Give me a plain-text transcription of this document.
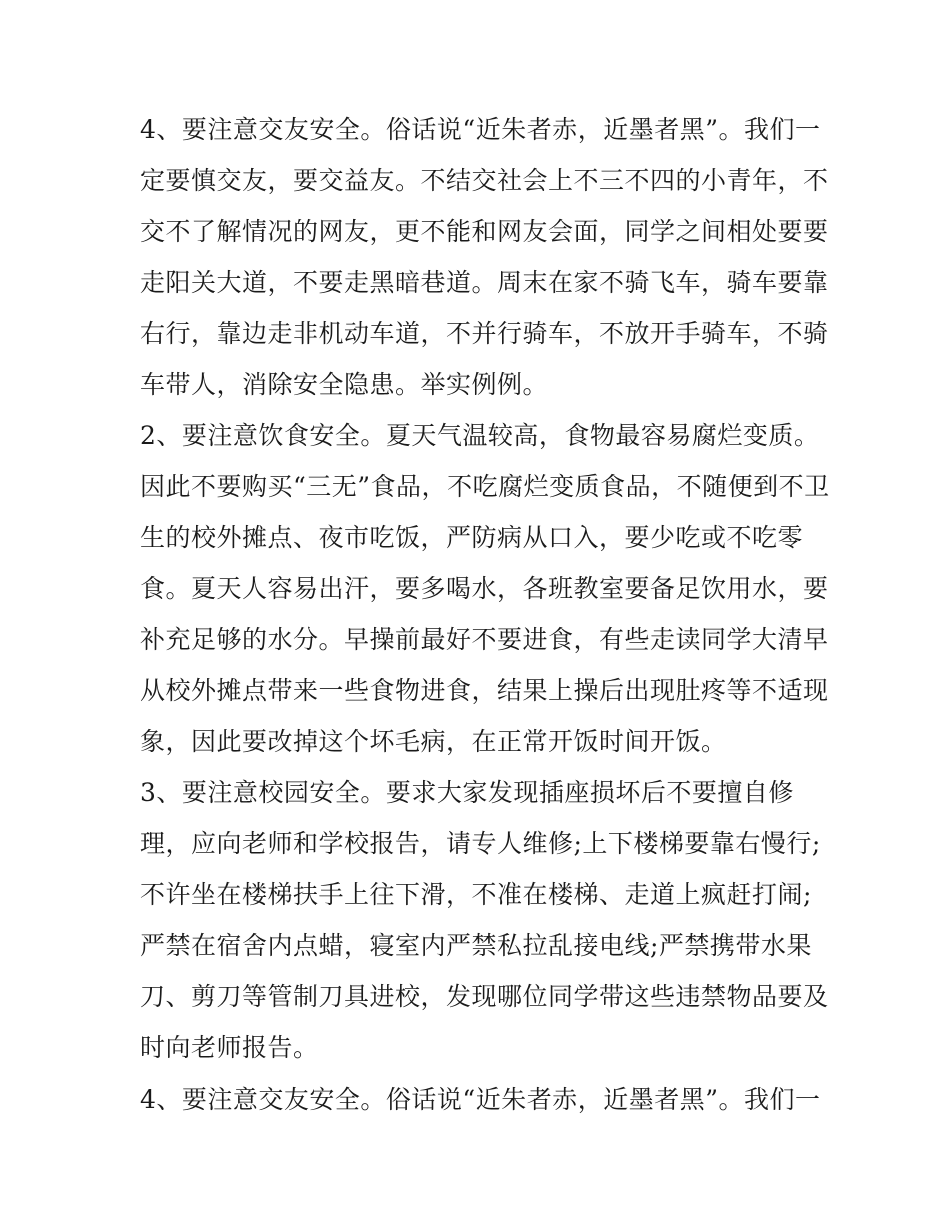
4、要注意交友安全。俗话说“近朱者赤，近墨者黑”。我们一
定要慎交友，要交益友。不结交社会上不三不四的小青年，不
交不了解情况的网友，更不能和网友会面，同学之间相处要要
走阳关大道，不要走黑暗巷道。周末在家不骑飞车，骑车要靠
右行，靠边走非机动车道，不并行骑车，不放开手骑车，不骑
车带人，消除安全隐患。举实例例。
2、要注意饮食安全。夏天气温较高，食物最容易腐烂变质。
因此不要购买“三无”食品，不吃腐烂变质食品，不随便到不卫
生的校外摊点、夜市吃饭，严防病从口入，要少吃或不吃零
食。夏天人容易出汗，要多喝水，各班教室要备足饮用水，要
补充足够的水分。早操前最好不要进食，有些走读同学大清早
从校外摊点带来一些食物进食，结果上操后出现肚疼等不适现
象，因此要改掉这个坏毛病，在正常开饭时间开饭。
3、要注意校园安全。要求大家发现插座损坏后不要擅自修
理，应向老师和学校报告，请专人维修;上下楼梯要靠右慢行;
不许坐在楼梯扶手上往下滑，不准在楼梯、走道上疯赶打闹;
严禁在宿舍内点蜡，寝室内严禁私拉乱接电线;严禁携带水果
刀、剪刀等管制刀具进校，发现哪位同学带这些违禁物品要及
时向老师报告。
4、要注意交友安全。俗话说“近朱者赤，近墨者黑”。我们一
